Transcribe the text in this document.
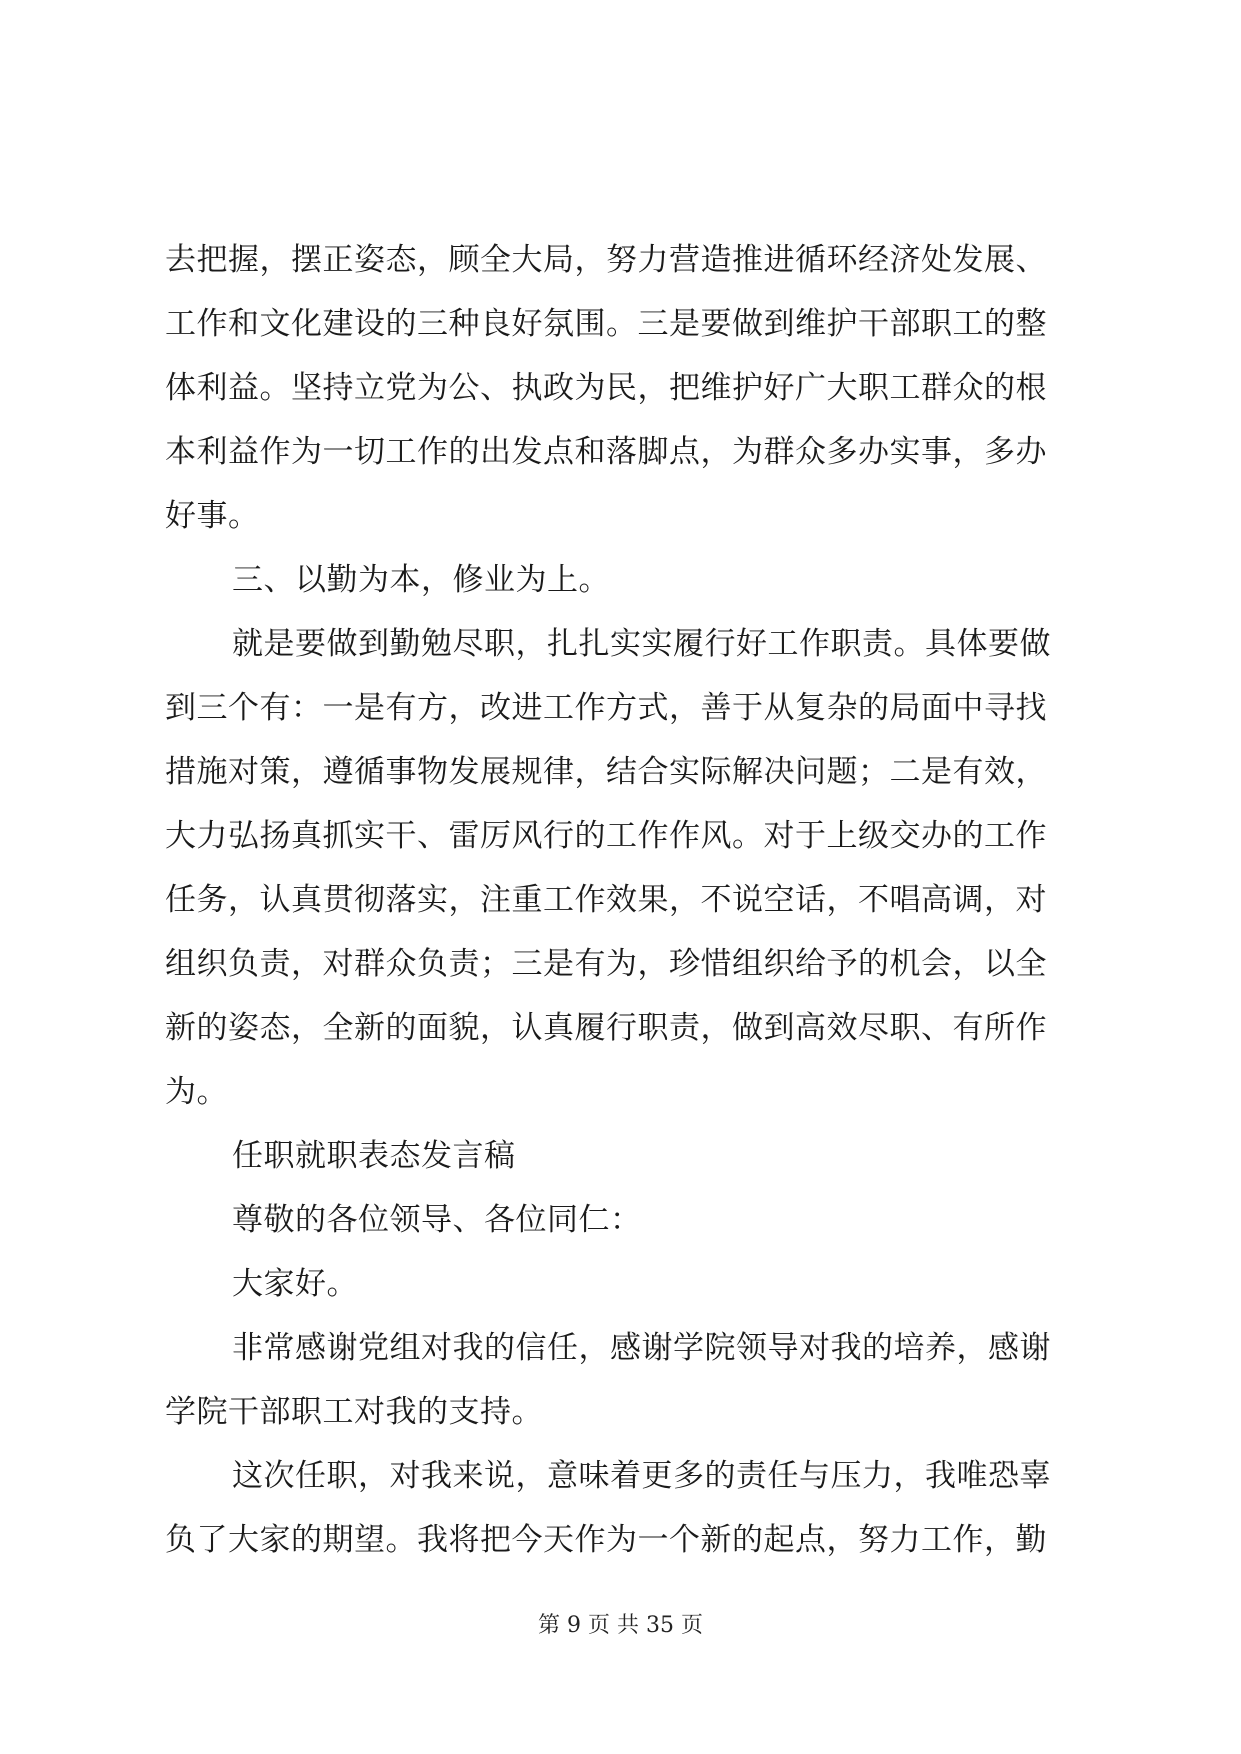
去把握，摆正姿态，顾全大局，努力营造推进循环经济处发展、
工作和文化建设的三种良好氛围。三是要做到维护干部职工的整
体利益。坚持立党为公、执政为民，把维护好广大职工群众的根
本利益作为一切工作的出发点和落脚点，为群众多办实事，多办
好事。
三、以勤为本，修业为上。
就是要做到勤勉尽职，扎扎实实履行好工作职责。具体要做
到三个有：一是有方，改进工作方式，善于从复杂的局面中寻找
措施对策，遵循事物发展规律，结合实际解决问题；二是有效，
大力弘扬真抓实干、雷厉风行的工作作风。对于上级交办的工作
任务，认真贯彻落实，注重工作效果，不说空话，不唱高调，对
组织负责，对群众负责；三是有为，珍惜组织给予的机会，以全
新的姿态，全新的面貌，认真履行职责，做到高效尽职、有所作
为。
任职就职表态发言稿
尊敬的各位领导、各位同仁：
大家好。
非常感谢党组对我的信任，感谢学院领导对我的培养，感谢
学院干部职工对我的支持。
这次任职，对我来说，意味着更多的责任与压力，我唯恐辜
负了大家的期望。我将把今天作为一个新的起点，努力工作，勤
第 9 页 共 35 页
